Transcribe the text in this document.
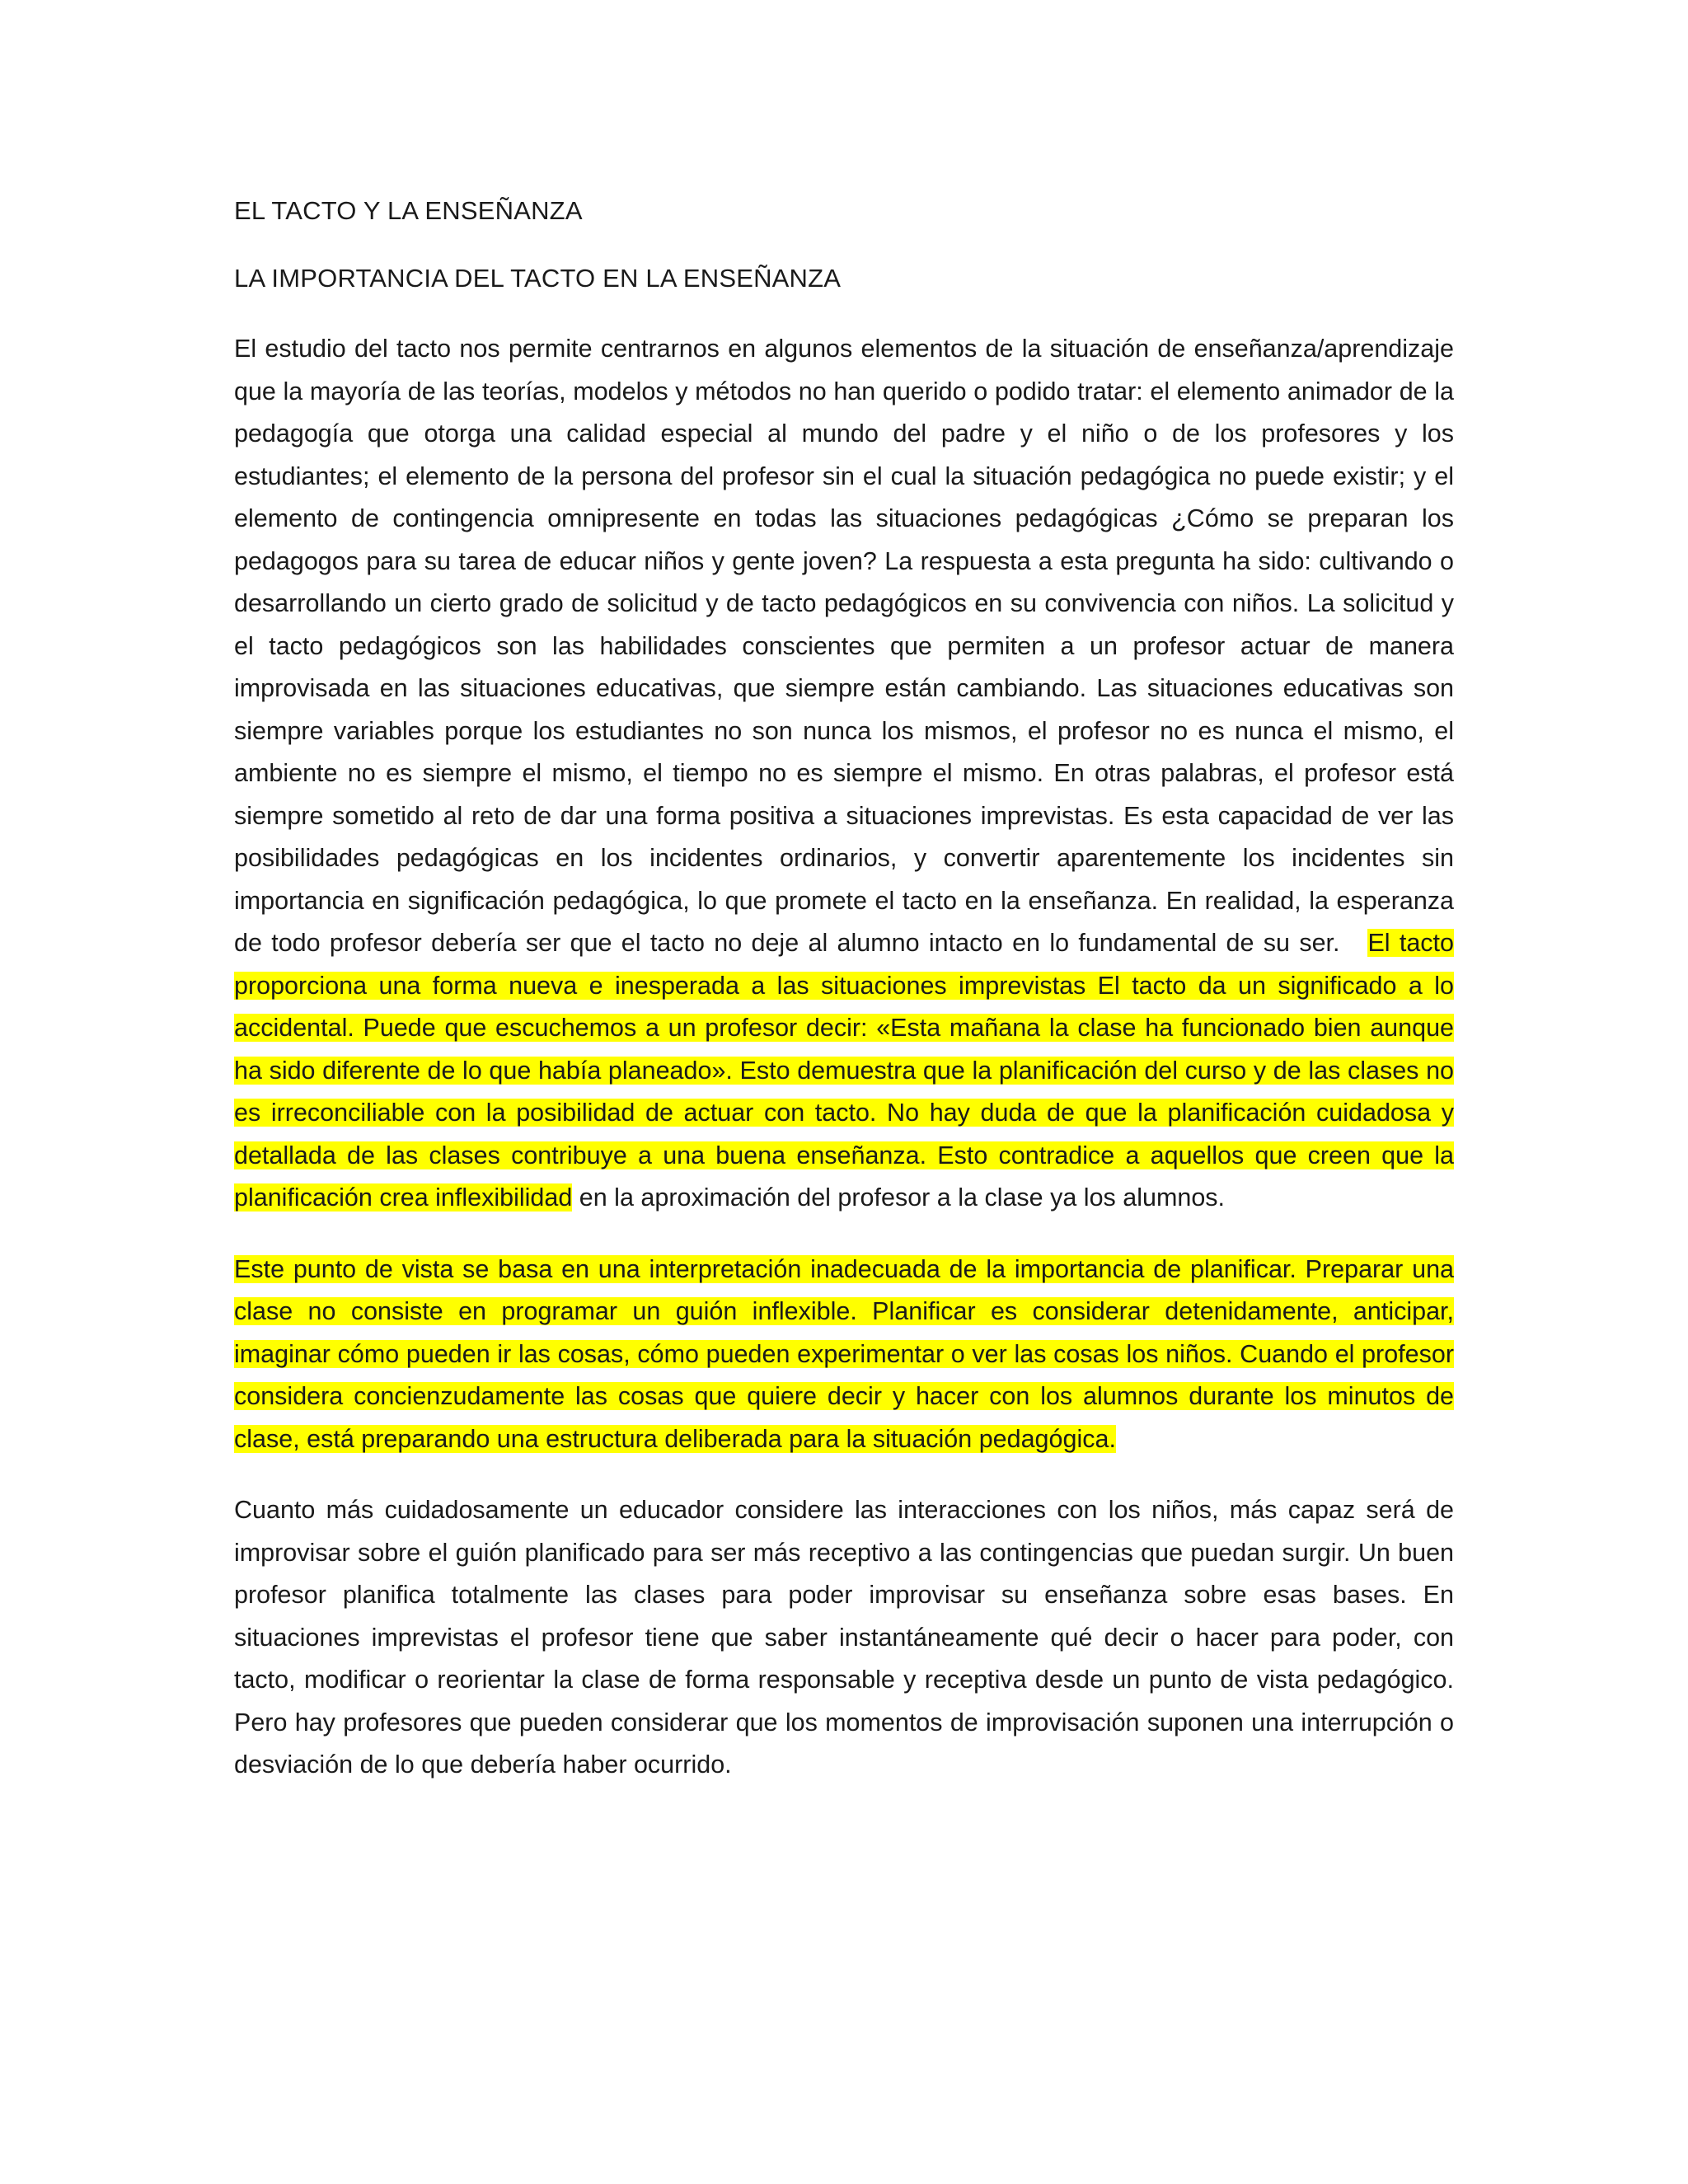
EL TACTO Y LA ENSEÑANZA
LA IMPORTANCIA DEL TACTO EN LA ENSEÑANZA

El estudio del tacto nos permite centrarnos en algunos elementos de la situación de enseñanza/aprendizaje que la mayoría de las teorías, modelos y métodos no han querido o podido tratar: el elemento animador de la pedagogía que otorga una calidad especial al mundo del padre y el niño o de los profesores y los estudiantes; el elemento de la persona del profesor sin el cual la situación pedagógica no puede existir; y el elemento de contingencia omnipresente en todas las situaciones pedagógicas ¿Cómo se preparan los pedagogos para su tarea de educar niños y gente joven? La respuesta a esta pregunta ha sido: cultivando o desarrollando un cierto grado de solicitud y de tacto pedagógicos en su convivencia con niños. La solicitud y el tacto pedagógicos son las habilidades conscientes que permiten a un profesor actuar de manera improvisada en las situaciones educativas, que siempre están cambiando. Las situaciones educativas son siempre variables porque los estudiantes no son nunca los mismos, el profesor no es nunca el mismo, el ambiente no es siempre el mismo, el tiempo no es siempre el mismo. En otras palabras, el profesor está siempre sometido al reto de dar una forma positiva a situaciones imprevistas. Es esta capacidad de ver las posibilidades pedagógicas en los incidentes ordinarios, y convertir aparentemente los incidentes sin importancia en significación pedagógica, lo que promete el tacto en la enseñanza. En realidad, la esperanza de todo profesor debería ser que el tacto no deje al alumno intacto en lo fundamental de su ser. El tacto proporciona una forma nueva e inesperada a las situaciones imprevistas El tacto da un significado a lo accidental. Puede que escuchemos a un profesor decir: «Esta mañana la clase ha funcionado bien aunque ha sido diferente de lo que había planeado». Esto demuestra que la planificación del curso y de las clases no es irreconciliable con la posibilidad de actuar con tacto. No hay duda de que la planificación cuidadosa y detallada de las clases contribuye a una buena enseñanza. Esto contradice a aquellos que creen que la planificación crea inflexibilidad en la aproximación del profesor a la clase ya los alumnos.

Este punto de vista se basa en una interpretación inadecuada de la importancia de planificar. Preparar una clase no consiste en programar un guión inflexible. Planificar es considerar detenidamente, anticipar, imaginar cómo pueden ir las cosas, cómo pueden experimentar o ver las cosas los niños. Cuando el profesor considera concienzudamente las cosas que quiere decir y hacer con los alumnos durante los minutos de clase, está preparando una estructura deliberada para la situación pedagógica.

Cuanto más cuidadosamente un educador considere las interacciones con los niños, más capaz será de improvisar sobre el guión planificado para ser más receptivo a las contingencias que puedan surgir. Un buen profesor planifica totalmente las clases para poder improvisar su enseñanza sobre esas bases. En situaciones imprevistas el profesor tiene que saber instantáneamente qué decir o hacer para poder, con tacto, modificar o reorientar la clase de forma responsable y receptiva desde un punto de vista pedagógico. Pero hay profesores que pueden considerar que los momentos de improvisación suponen una interrupción o desviación de lo que debería haber ocurrido.
